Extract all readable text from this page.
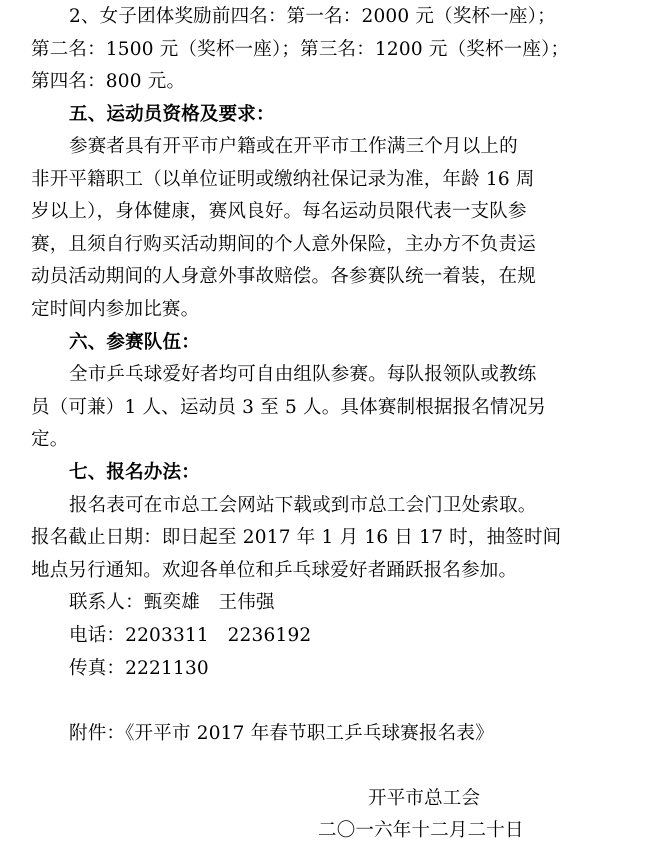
2、女子团体奖励前四名：第一名：2000 元（奖杯一座）；
第二名：1500 元（奖杯一座）；第三名：1200 元（奖杯一座）；
第四名：800 元。
五、运动员资格及要求：
参赛者具有开平市户籍或在开平市工作满三个月以上的
非开平籍职工（以单位证明或缴纳社保记录为准，年龄 16 周
岁以上），身体健康，赛风良好。每名运动员限代表一支队参
赛，且须自行购买活动期间的个人意外保险，主办方不负责运
动员活动期间的人身意外事故赔偿。各参赛队统一着装，在规
定时间内参加比赛。
六、参赛队伍：
全市乒乓球爱好者均可自由组队参赛。每队报领队或教练
员（可兼）1 人、运动员 3 至 5 人。具体赛制根据报名情况另
定。
七、报名办法：
报名表可在市总工会网站下载或到市总工会门卫处索取。
报名截止日期：即日起至 2017 年 1 月 16 日 17 时，抽签时间
地点另行通知。欢迎各单位和乒乓球爱好者踊跃报名参加。
联系人：甄奕雄　王伟强
电话：2203311　2236192
传真：2221130
附件：《开平市 2017 年春节职工乒乓球赛报名表》
开平市总工会
二〇一六年十二月二十日
